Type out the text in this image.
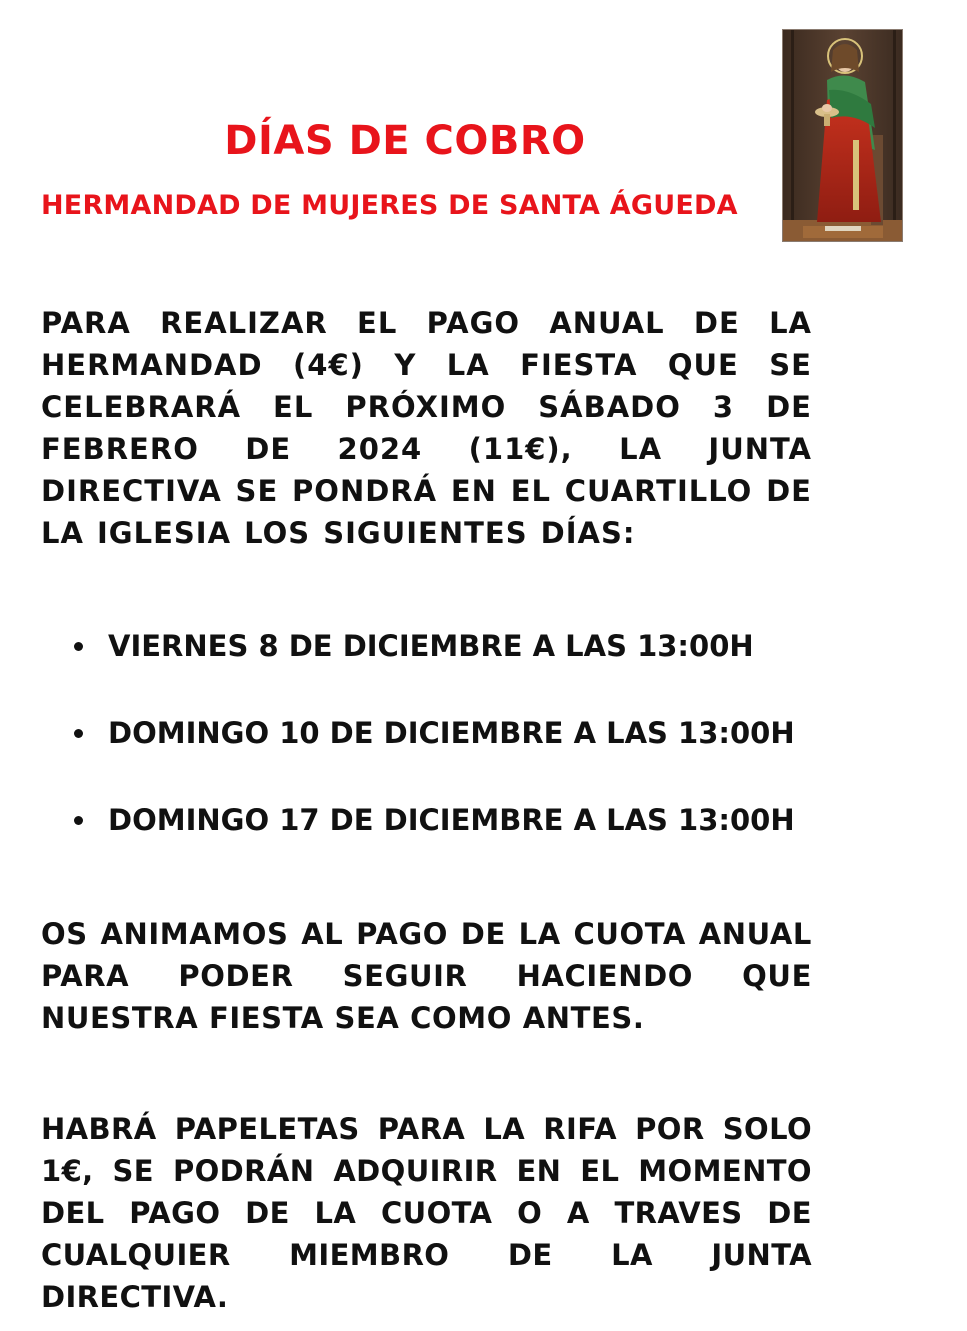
DÍAS DE COBRO
HERMANDAD DE MUJERES DE SANTA ÁGUEDA

PARA REALIZAR EL PAGO ANUAL DE LA HERMANDAD (4€) Y LA FIESTA QUE SE CELEBRARÁ EL PRÓXIMO SÁBADO 3 DE FEBRERO DE 2024 (11€), LA JUNTA DIRECTIVA SE PONDRÁ EN EL CUARTILLO DE LA IGLESIA LOS SIGUIENTES DÍAS:

VIERNES 8 DE DICIEMBRE A LAS 13:00H
DOMINGO 10 DE DICIEMBRE A LAS 13:00H
DOMINGO 17 DE DICIEMBRE A LAS 13:00H

OS ANIMAMOS AL PAGO DE LA CUOTA ANUAL PARA PODER SEGUIR HACIENDO QUE NUESTRA FIESTA SEA COMO ANTES.

HABRÁ PAPELETAS PARA LA RIFA POR SOLO 1€, SE PODRÁN ADQUIRIR EN EL MOMENTO DEL PAGO DE LA CUOTA O A TRAVES DE CUALQUIER MIEMBRO DE LA JUNTA DIRECTIVA.
